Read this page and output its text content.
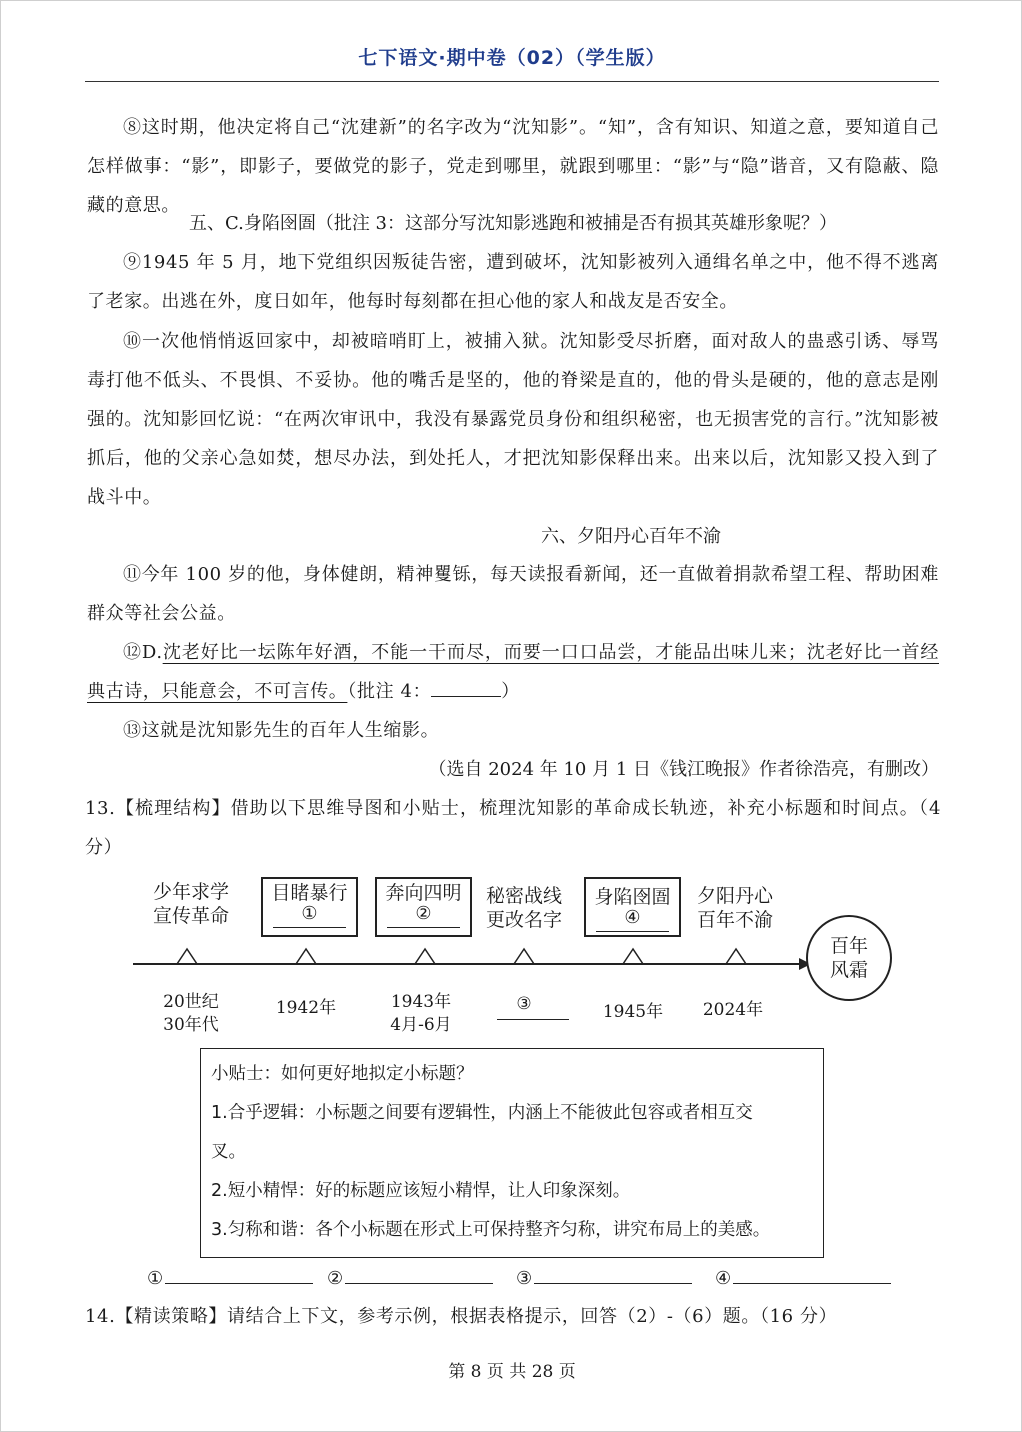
七下语文·期中卷（02）（学生版）

⑧这时期，他决定将自己“沈建新”的名字改为“沈知影”。“知”，含有知识、知道之意，要知道自己怎样做事：“影”，即影子，要做党的影子，党走到哪里，就跟到哪里：“影”与“隐”谐音，又有隐蔽、隐藏的意思。

五、C.身陷囹圄（批注 3：这部分写沈知影逃跑和被捕是否有损其英雄形象呢？）

⑨1945 年 5 月，地下党组织因叛徒告密，遭到破坏，沈知影被列入通缉名单之中，他不得不逃离了老家。出逃在外，度日如年，他每时每刻都在担心他的家人和战友是否安全。

⑩一次他悄悄返回家中，却被暗哨盯上，被捕入狱。沈知影受尽折磨，面对敌人的蛊惑引诱、辱骂毒打他不低头、不畏惧、不妥协。他的嘴舌是坚的，他的脊梁是直的，他的骨头是硬的，他的意志是刚强的。沈知影回忆说：“在两次审讯中，我没有暴露党员身份和组织秘密，也无损害党的言行。”沈知影被抓后，他的父亲心急如焚，想尽办法，到处托人，才把沈知影保释出来。出来以后，沈知影又投入到了战斗中。

六、夕阳丹心百年不渝

⑪今年 100 岁的他，身体健朗，精神矍铄，每天读报看新闻，还一直做着捐款希望工程、帮助困难群众等社会公益。

⑫D.沈老好比一坛陈年好酒，不能一干而尽，而要一口口品尝，才能品出味儿来；沈老好比一首经典古诗，只能意会，不可言传。（批注 4：	）

⑬这就是沈知影先生的百年人生缩影。

（选自 2024 年 10 月 1 日《钱江晚报》作者徐浩亮，有删改）

13.【梳理结构】借助以下思维导图和小贴士，梳理沈知影的革命成长轨迹，补充小标题和时间点。（4 分）

少年求学
宣传革命
目睹暴行
①
奔向四明
②
秘密战线
更改名字
身陷囹圄
④
夕阳丹心
百年不渝
百年
风霜
20世纪
30年代
1942年	1943年
4月-6月
③	1945年	2024年
小贴士：如何更好地拟定小标题？
1.合乎逻辑：小标题之间要有逻辑性，内涵上不能彼此包容或者相互交
叉。
2.短小精悍：好的标题应该短小精悍，让人印象深刻。
3.匀称和谐：各个小标题在形式上可保持整齐匀称，讲究布局上的美感。
①	②	③	④

14.【精读策略】请结合上下文，参考示例，根据表格提示，回答（2）-（6）题。（16 分）

第 8 页 共 28 页
